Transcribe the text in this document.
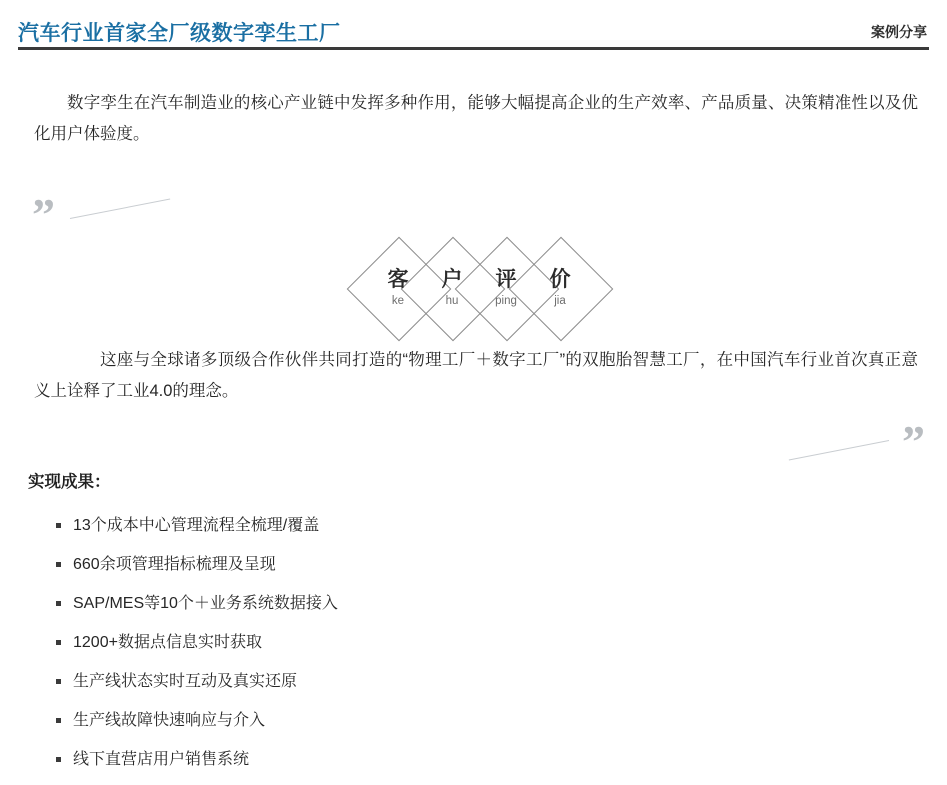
汽车行业首家全厂级数字孪生工厂	案例分享
数字孪生在汽车制造业的核心产业链中发挥多种作用，能够大幅提高企业的生产效率、产品质量、决策精准性以及优化用户体验度。
”
客
ke
户
hu
评
ping
价
jia
这座与全球诸多顶级合作伙伴共同打造的“物理工厂＋数字工厂”的双胞胎智慧工厂，在中国汽车行业首次真正意义上诠释了工业4.0的理念。
”
实现成果：
13个成本中心管理流程全梳理/覆盖
660余项管理指标梳理及呈现
SAP/MES等10个＋业务系统数据接入
1200+数据点信息实时获取
生产线状态实时互动及真实还原
生产线故障快速响应与介入
线下直营店用户销售系统
